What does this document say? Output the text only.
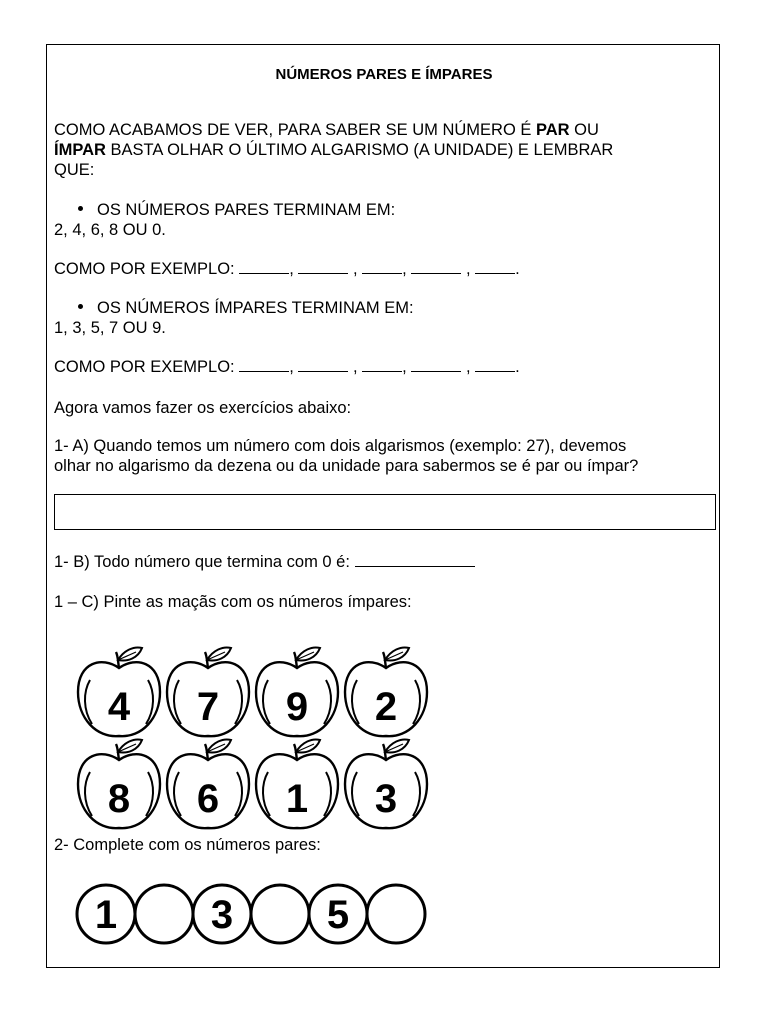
NÚMEROS PARES E ÍMPARES
COMO ACABAMOS DE VER, PARA SABER SE UM NÚMERO É PAR OU
ÍMPAR BASTA OLHAR O ÚLTIMO ALGARISMO (A UNIDADE) E LEMBRAR
QUE:
OS NÚMEROS PARES TERMINAM EM:
2, 4, 6, 8 OU 0.
COMO POR EXEMPLO:	,	,	,	,	.
OS NÚMEROS ÍMPARES TERMINAM EM:
1, 3, 5, 7 OU 9.
COMO POR EXEMPLO:	,	,	,	,	.
Agora vamos fazer os exercícios abaixo:
1- A) Quando temos um número com dois algarismos (exemplo: 27), devemos
olhar no algarismo da dezena ou da unidade para sabermos se é par ou ímpar?
1- B) Todo número que termina com 0 é:
1 – C) Pinte as maçãs com os números ímpares:
4 7 9 2
8 6 1 3
2- Complete com os números pares:
1 3 5
